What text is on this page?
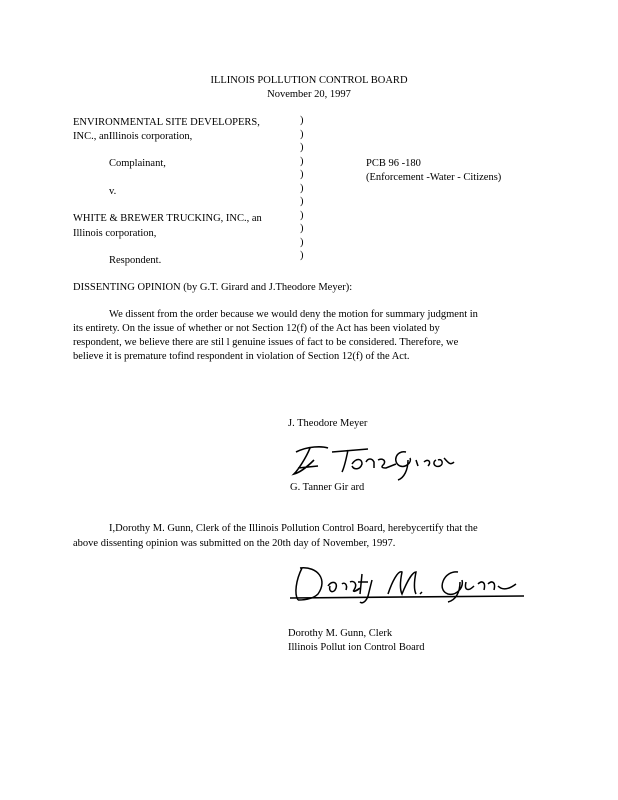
ILLINOIS POLLUTION CONTROL BOARD
November 20, 1997
ENVIRONMENTAL SITE DEVELOPERS,
INC., anIllinois corporation,
Complainant,
v.
WHITE & BREWER TRUCKING, INC., an
Illinois corporation,
Respondent.
)
)
)
)
)
)
)
)
)
)
)
PCB 96 -180
(Enforcement -Water - Citizens)
DISSENTING OPINION (by G.T. Girard and J.Theodore Meyer):
We dissent from the order because we would deny the motion for summary judgment in
its entirety. On the issue of whether or not Section 12(f) of the Act has been violated by
respondent, we believe there are stil l genuine issues of fact to be considered. Therefore, we
believe it is premature tofind respondent in violation of Section 12(f) of the Act.
J. Theodore Meyer
G. Tanner Gir ard
I,Dorothy M. Gunn, Clerk of the Illinois Pollution Control Board, herebycertify that the
above dissenting opinion was submitted on the 20th day of November, 1997.
Dorothy M. Gunn, Clerk
Illinois Pollut ion Control Board
